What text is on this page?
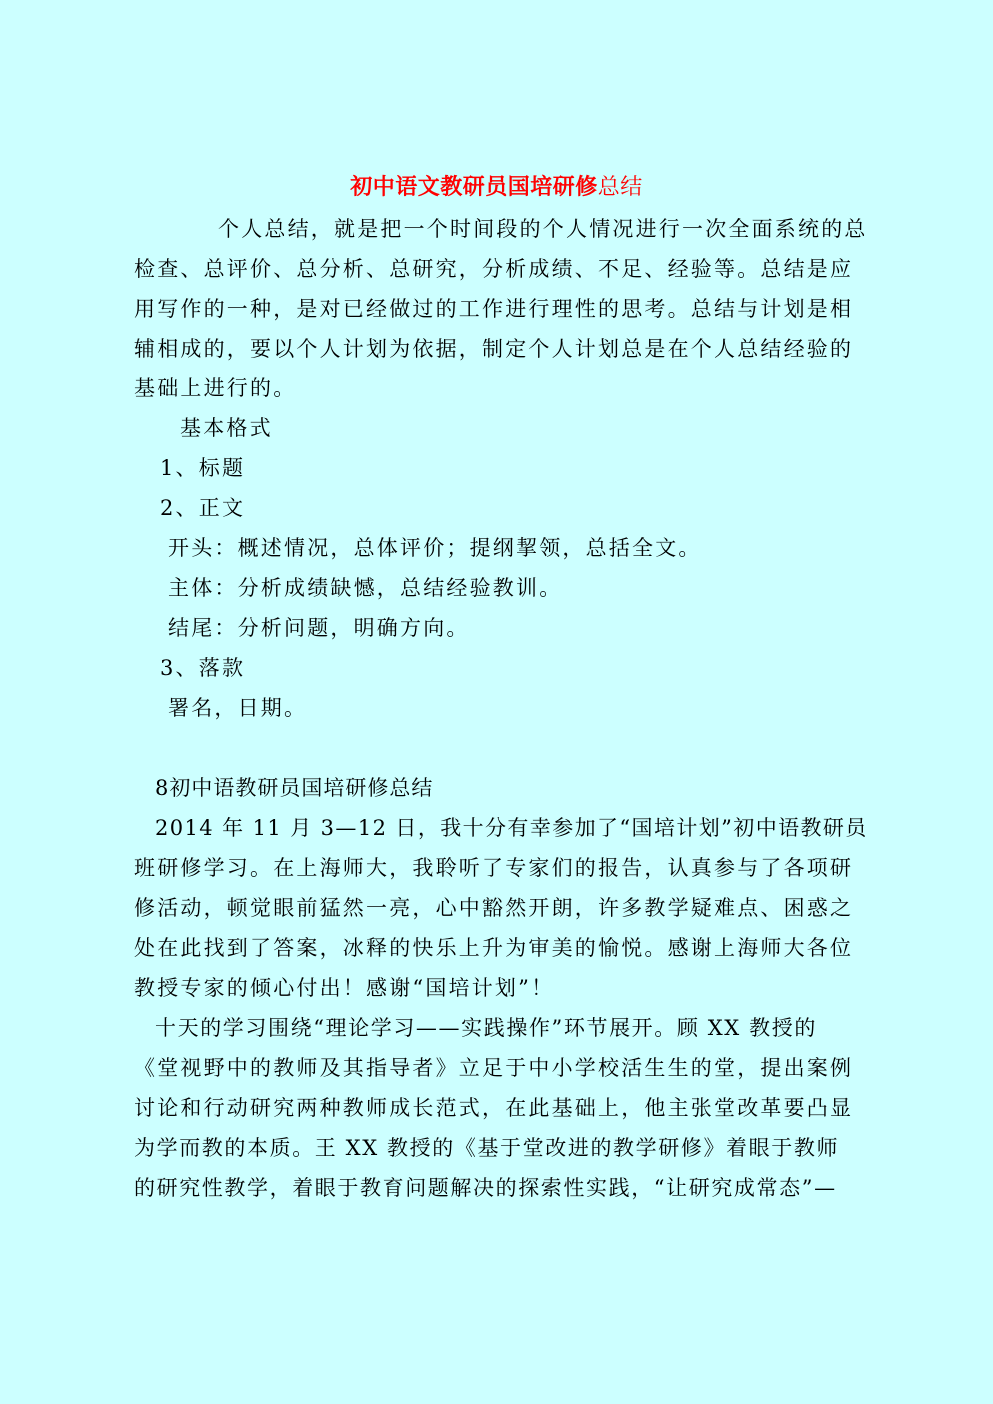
初中语文教研员国培研修总结
个人总结，就是把一个时间段的个人情况进行一次全面系统的总
检查、总评价、总分析、总研究，分析成绩、不足、经验等。总结是应
用写作的一种，是对已经做过的工作进行理性的思考。总结与计划是相
辅相成的，要以个人计划为依据，制定个人计划总是在个人总结经验的
基础上进行的。
基本格式
1、标题
2、正文
开头：概述情况，总体评价；提纲挈领，总括全文。
主体：分析成绩缺憾，总结经验教训。
结尾：分析问题，明确方向。
3、落款
署名，日期。
8初中语教研员国培研修总结
2014 年 11 月 3—12 日，我十分有幸参加了“国培计划”初中语教研员
班研修学习。在上海师大，我聆听了专家们的报告，认真参与了各项研
修活动，顿觉眼前猛然一亮，心中豁然开朗，许多教学疑难点、困惑之
处在此找到了答案，冰释的快乐上升为审美的愉悦。感谢上海师大各位
教授专家的倾心付出！感谢“国培计划”！
十天的学习围绕“理论学习——实践操作”环节展开。顾 XX 教授的
《堂视野中的教师及其指导者》立足于中小学校活生生的堂，提出案例
讨论和行动研究两种教师成长范式，在此基础上，他主张堂改革要凸显
为学而教的本质。王 XX 教授的《基于堂改进的教学研修》着眼于教师
的研究性教学，着眼于教育问题解决的探索性实践，“让研究成常态”—
